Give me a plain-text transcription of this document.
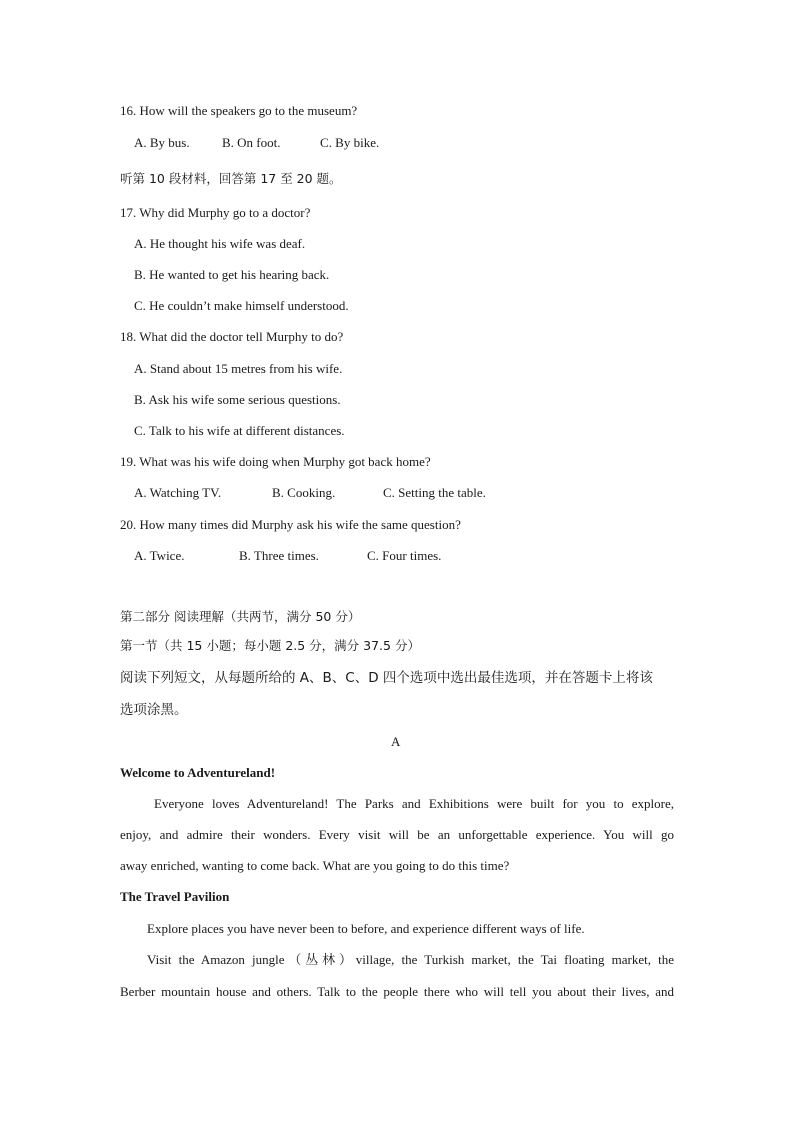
16. How will the speakers go to the museum?
A. By bus. B. On foot.	C. By bike.
听第 10 段材料，回答第 17 至 20 题。
17. Why did Murphy go to a doctor?
A. He thought his wife was deaf.
B. He wanted to get his hearing back.
C. He couldn’t make himself understood.
18. What did the doctor tell Murphy to do?
A. Stand about 15 metres from his wife.
B. Ask his wife some serious questions.
C. Talk to his wife at different distances.
19. What was his wife doing when Murphy got back home?
A. Watching TV.	B. Cooking.	C. Setting the table.
20. How many times did Murphy ask his wife the same question?
A. Twice.	B. Three times.	C. Four times.
第二部分 阅读理解（共两节，满分 50 分）
第一节（共 15 小题；每小题 2.5 分，满分 37.5 分）
阅读下列短文，从每题所给的 A、B、C、D 四个选项中选出最佳选项，并在答题卡上将该
选项涂黑。
A
Welcome to Adventureland!
Everyone loves Adventureland! The Parks and Exhibitions were built for you to explore,
enjoy, and admire their wonders. Every visit will be an unforgettable experience. You will go
away enriched, wanting to come back. What are you going to do this time?
The Travel Pavilion
Explore places you have never been to before, and experience different ways of life.
Visit the Amazon jungle（丛林）village, the Turkish market, the Tai floating market, the
Berber mountain house and others. Talk to the people there who will tell you about their lives, and
